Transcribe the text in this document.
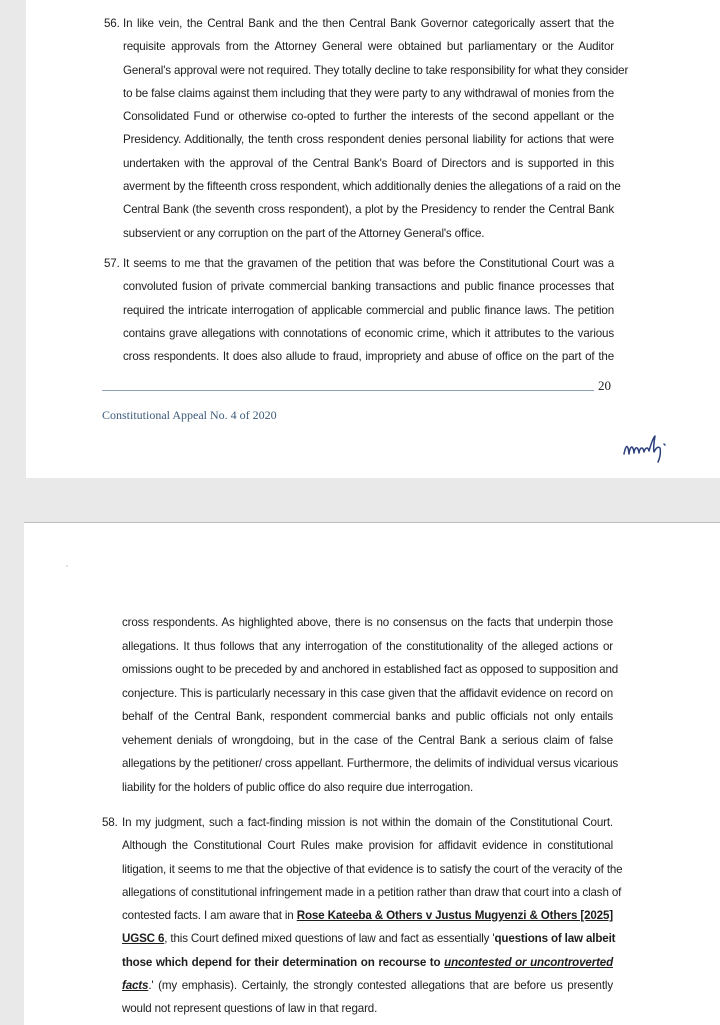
56. In like vein, the Central Bank and the then Central Bank Governor categorically assert that the
requisite approvals from the Attorney General were obtained but parliamentary or the Auditor
General's approval were not required. They totally decline to take responsibility for what they consider
to be false claims against them including that they were party to any withdrawal of monies from the
Consolidated Fund or otherwise co-opted to further the interests of the second appellant or the
Presidency. Additionally, the tenth cross respondent denies personal liability for actions that were
undertaken with the approval of the Central Bank's Board of Directors and is supported in this
averment by the fifteenth cross respondent, which additionally denies the allegations of a raid on the
Central Bank (the seventh cross respondent), a plot by the Presidency to render the Central Bank
subservient or any corruption on the part of the Attorney General's office.
57. It seems to me that the gravamen of the petition that was before the Constitutional Court was a
convoluted fusion of private commercial banking transactions and public finance processes that
required the intricate interrogation of applicable commercial and public finance laws. The petition
contains grave allegations with connotations of economic crime, which it attributes to the various
cross respondents. It does also allude to fraud, impropriety and abuse of office on the part of the
20
Constitutional Appeal No. 4 of 2020
cross respondents. As highlighted above, there is no consensus on the facts that underpin those
allegations. It thus follows that any interrogation of the constitutionality of the alleged actions or
omissions ought to be preceded by and anchored in established fact as opposed to supposition and
conjecture. This is particularly necessary in this case given that the affidavit evidence on record on
behalf of the Central Bank, respondent commercial banks and public officials not only entails
vehement denials of wrongdoing, but in the case of the Central Bank a serious claim of false
allegations by the petitioner/ cross appellant. Furthermore, the delimits of individual versus vicarious
liability for the holders of public office do also require due interrogation.
58. In my judgment, such a fact-finding mission is not within the domain of the Constitutional Court.
Although the Constitutional Court Rules make provision for affidavit evidence in constitutional
litigation, it seems to me that the objective of that evidence is to satisfy the court of the veracity of the
allegations of constitutional infringement made in a petition rather than draw that court into a clash of
contested facts. I am aware that in Rose Kateeba & Others v Justus Mugyenzi & Others [2025]
UGSC 6, this Court defined mixed questions of law and fact as essentially 'questions of law albeit
those which depend for their determination on recourse to uncontested or uncontroverted
facts.' (my emphasis). Certainly, the strongly contested allegations that are before us presently
would not represent questions of law in that regard.
